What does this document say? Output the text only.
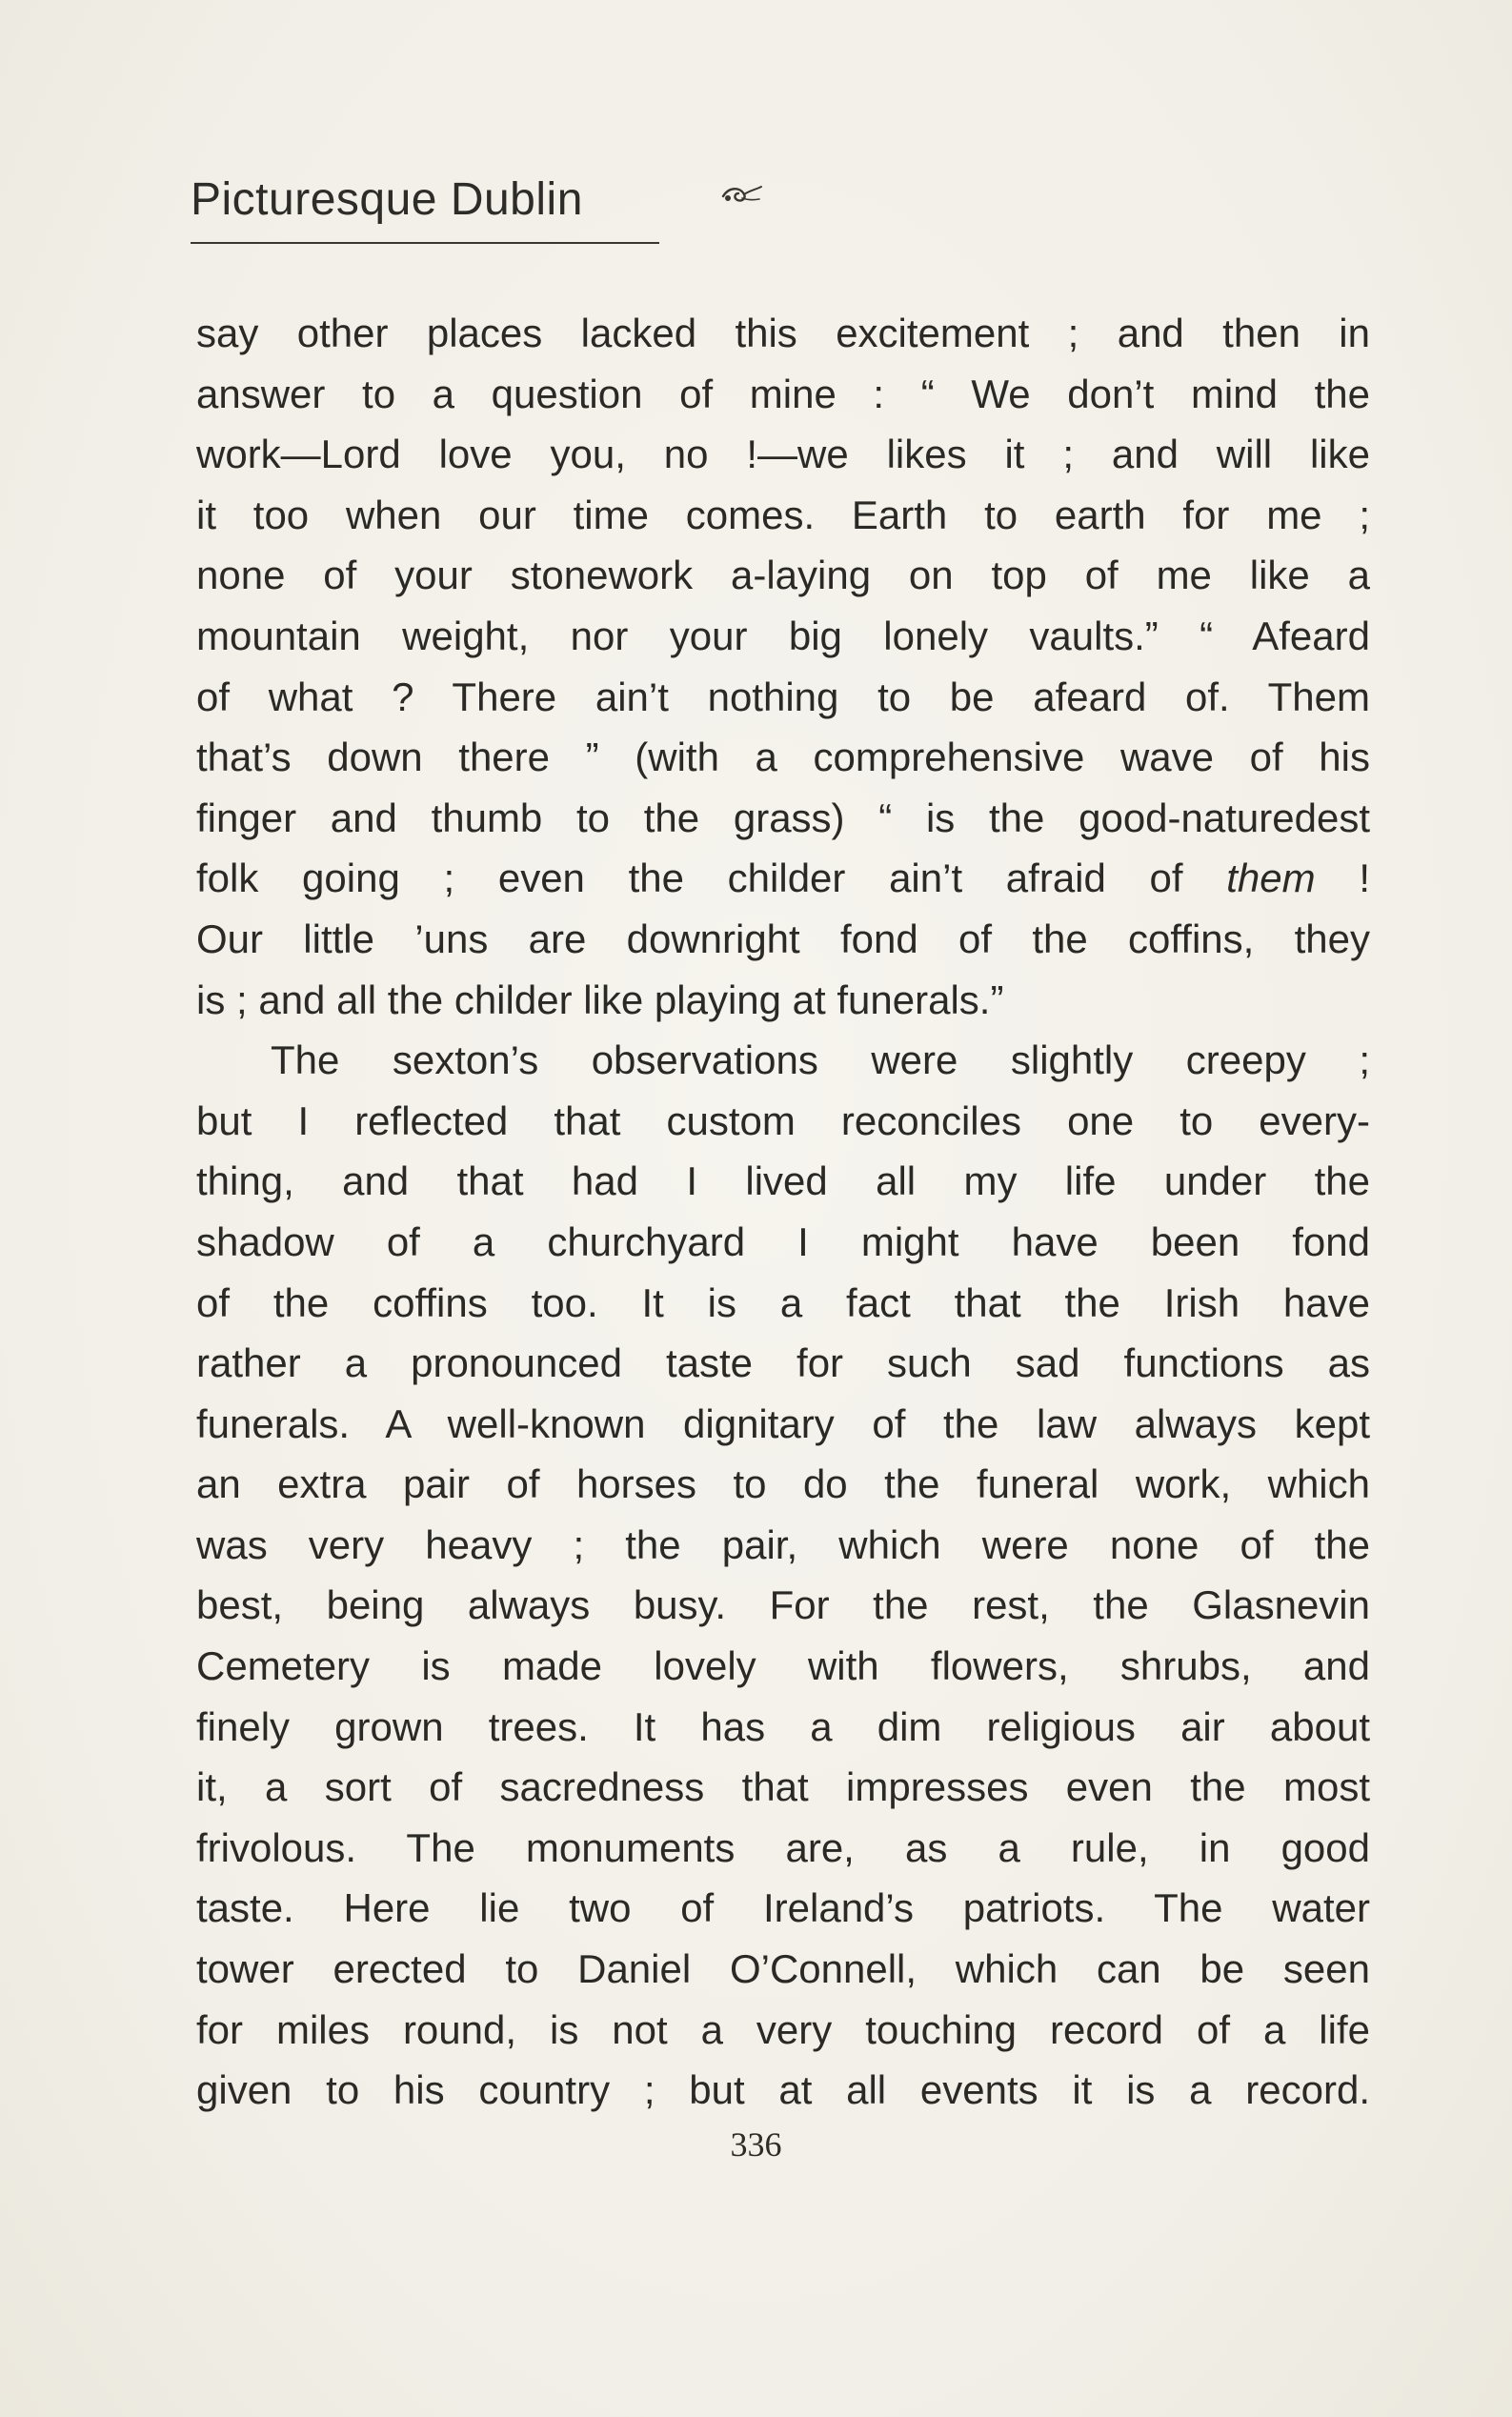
Picturesque Dublin
say other places lacked this excitement ; and then in
answer to a question of mine : “ We don’t mind the
work—Lord love you, no !—we likes it ; and will like
it too when our time comes. Earth to earth for me ;
none of your stonework a-laying on top of me like a
mountain weight, nor your big lonely vaults.” “ Afeard
of what ? There ain’t nothing to be afeard of. Them
that’s down there ” (with a comprehensive wave of his
finger and thumb to the grass) “ is the good-naturedest
folk going ; even the childer ain’t afraid of them !
Our little ’uns are downright fond of the coffins, they
is ; and all the childer like playing at funerals.”
The sexton’s observations were slightly creepy ;
but I reflected that custom reconciles one to every-
thing, and that had I lived all my life under the
shadow of a churchyard I might have been fond
of the coffins too. It is a fact that the Irish have
rather a pronounced taste for such sad functions as
funerals. A well-known dignitary of the law always kept
an extra pair of horses to do the funeral work, which
was very heavy ; the pair, which were none of the
best, being always busy. For the rest, the Glasnevin
Cemetery is made lovely with flowers, shrubs, and
finely grown trees. It has a dim religious air about
it, a sort of sacredness that impresses even the most
frivolous. The monuments are, as a rule, in good
taste. Here lie two of Ireland’s patriots. The water
tower erected to Daniel O’Connell, which can be seen
for miles round, is not a very touching record of a life
given to his country ; but at all events it is a record.
336
